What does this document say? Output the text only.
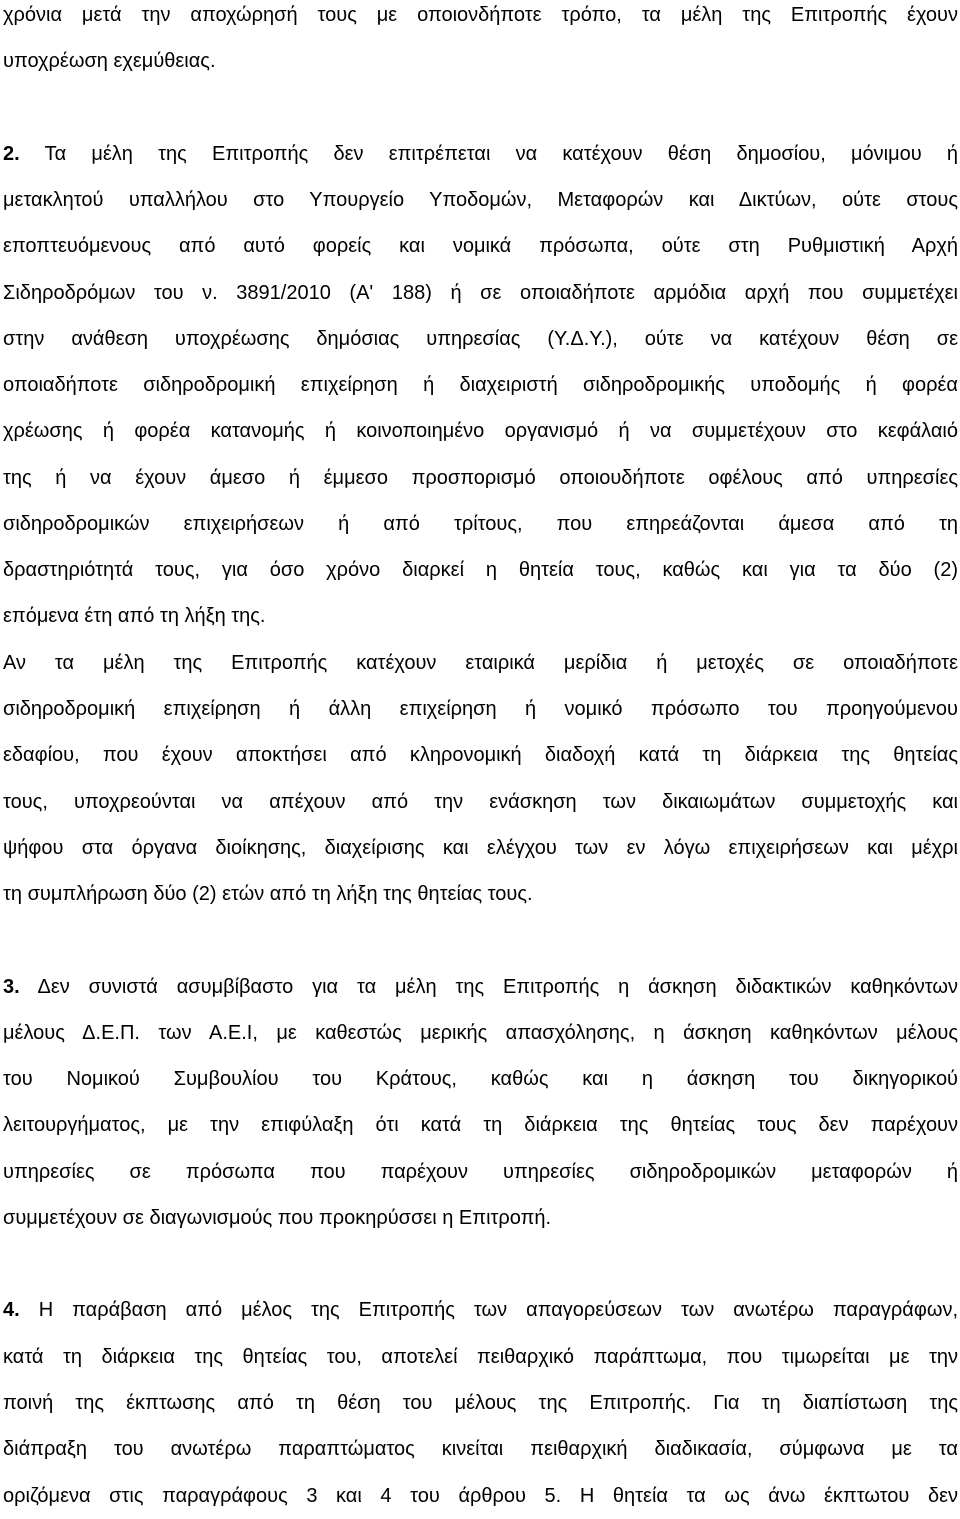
χρόνια μετά την αποχώρησή τους με οποιονδήποτε τρόπο, τα μέλη της Επιτροπής έχουν
υποχρέωση εχεμύθειας.
2. Τα μέλη της Επιτροπής δεν επιτρέπεται να κατέχουν θέση δημοσίου, μόνιμου ή
μετακλητού υπαλλήλου στο Υπουργείο Υποδομών, Μεταφορών και Δικτύων, ούτε στους
εποπτευόμενους από αυτό φορείς και νομικά πρόσωπα, ούτε στη Ρυθμιστική Αρχή
Σιδηροδρόμων του ν. 3891/2010 (Α' 188) ή σε οποιαδήποτε αρμόδια αρχή που συμμετέχει
στην ανάθεση υποχρέωσης δημόσιας υπηρεσίας (Υ.Δ.Υ.), ούτε να κατέχουν θέση σε
οποιαδήποτε σιδηροδρομική επιχείρηση ή διαχειριστή σιδηροδρομικής υποδομής ή φορέα
χρέωσης ή φορέα κατανομής ή κοινοποιημένο οργανισμό ή να συμμετέχουν στο κεφάλαιό
της ή να έχουν άμεσο ή έμμεσο προσπορισμό οποιουδήποτε οφέλους από υπηρεσίες
σιδηροδρομικών επιχειρήσεων ή από τρίτους, που επηρεάζονται άμεσα από τη
δραστηριότητά τους, για όσο χρόνο διαρκεί η θητεία τους, καθώς και για τα δύο (2)
επόμενα έτη από τη λήξη της.
Αν τα μέλη της Επιτροπής κατέχουν εταιρικά μερίδια ή μετοχές σε οποιαδήποτε
σιδηροδρομική επιχείρηση ή άλλη επιχείρηση ή νομικό πρόσωπο του προηγούμενου
εδαφίου, που έχουν αποκτήσει από κληρονομική διαδοχή κατά τη διάρκεια της θητείας
τους, υποχρεούνται να απέχουν από την ενάσκηση των δικαιωμάτων συμμετοχής και
ψήφου στα όργανα διοίκησης, διαχείρισης και ελέγχου των εν λόγω επιχειρήσεων και μέχρι
τη συμπλήρωση δύο (2) ετών από τη λήξη της θητείας τους.
3. Δεν συνιστά ασυμβίβαστο για τα μέλη της Επιτροπής η άσκηση διδακτικών καθηκόντων
μέλους Δ.Ε.Π. των Α.Ε.Ι, με καθεστώς μερικής απασχόλησης, η άσκηση καθηκόντων μέλους
του Νομικού Συμβουλίου του Κράτους, καθώς και η άσκηση του δικηγορικού
λειτουργήματος, με την επιφύλαξη ότι κατά τη διάρκεια της θητείας τους δεν παρέχουν
υπηρεσίες σε πρόσωπα που παρέχουν υπηρεσίες σιδηροδρομικών μεταφορών ή
συμμετέχουν σε διαγωνισμούς που προκηρύσσει η Επιτροπή.
4. Η παράβαση από μέλος της Επιτροπής των απαγορεύσεων των ανωτέρω παραγράφων,
κατά τη διάρκεια της θητείας του, αποτελεί πειθαρχικό παράπτωμα, που τιμωρείται με την
ποινή της έκπτωσης από τη θέση του μέλους της Επιτροπής. Για τη διαπίστωση της
διάπραξη του ανωτέρω παραπτώματος κινείται πειθαρχική διαδικασία, σύμφωνα με τα
οριζόμενα στις παραγράφους 3 και 4 του άρθρου 5. Η θητεία τα ως άνω έκπτωτου δεν
